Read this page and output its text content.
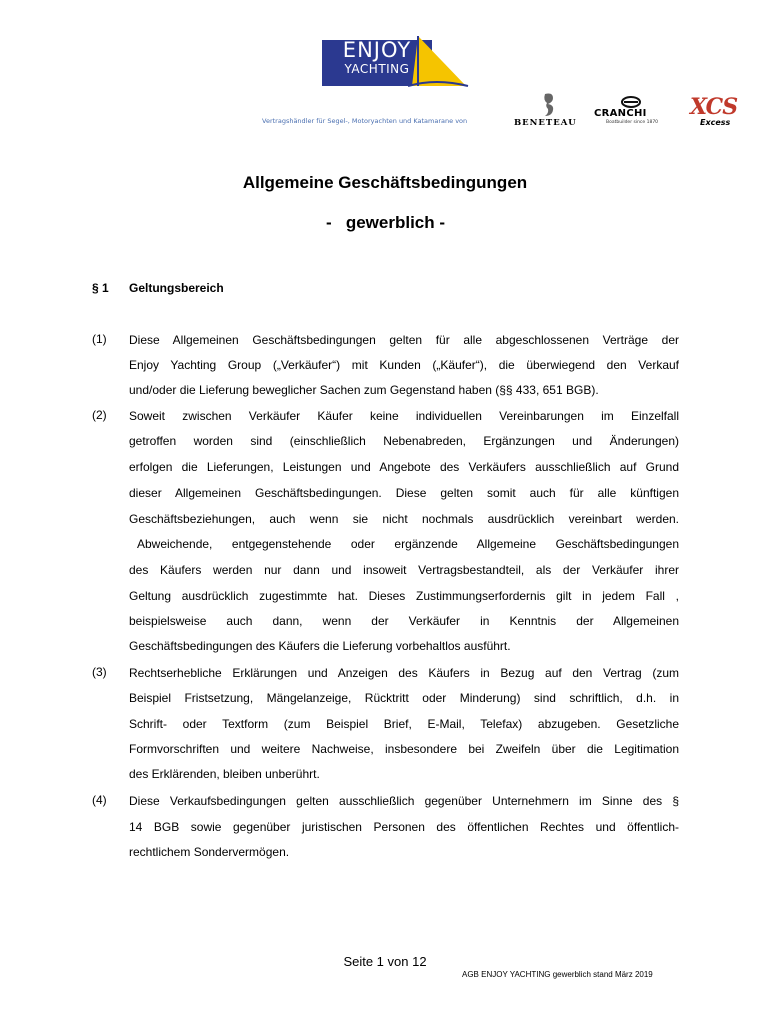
ENJOY
YACHTING
Vertragshändler für Segel-, Motoryachten und Katamarane von	BENETEAU
CRANCHI
Boatbuilder since 1870
XCS
Excess
Allgemeine Geschäftsbedingungen
-   gewerblich -
§ 1 Geltungsbereich
(1) Diese Allgemeinen Geschäftsbedingungen gelten für alle abgeschlossenen Verträge der
Enjoy Yachting Group („Verkäufer“) mit Kunden („Käufer“), die überwiegend den Verkauf
und/oder die Lieferung beweglicher Sachen zum Gegenstand haben (§§ 433, 651 BGB).
(2) Soweit zwischen Verkäufer Käufer keine individuellen Vereinbarungen im Einzelfall
getroffen worden sind (einschließlich Nebenabreden, Ergänzungen und Änderungen)
erfolgen die Lieferungen, Leistungen und Angebote des Verkäufers ausschließlich auf Grund
dieser Allgemeinen Geschäftsbedingungen. Diese gelten somit auch für alle künftigen
Geschäftsbeziehungen, auch wenn sie nicht nochmals ausdrücklich vereinbart werden.
Abweichende, entgegenstehende oder ergänzende Allgemeine Geschäftsbedingungen
des Käufers werden nur dann und insoweit Vertragsbestandteil, als der Verkäufer ihrer
Geltung ausdrücklich zugestimmte hat. Dieses Zustimmungserfordernis gilt in jedem Fall ,
beispielsweise auch dann, wenn der Verkäufer in Kenntnis der Allgemeinen
Geschäftsbedingungen des Käufers die Lieferung vorbehaltlos ausführt.
(3) Rechtserhebliche Erklärungen und Anzeigen des Käufers in Bezug auf den Vertrag (zum
Beispiel Fristsetzung, Mängelanzeige, Rücktritt oder Minderung) sind schriftlich, d.h. in
Schrift- oder Textform (zum Beispiel Brief, E-Mail, Telefax) abzugeben. Gesetzliche
Formvorschriften und weitere Nachweise, insbesondere bei Zweifeln über die Legitimation
des Erklärenden, bleiben unberührt.
(4) Diese Verkaufsbedingungen gelten ausschließlich gegenüber Unternehmern im Sinne des §
14 BGB sowie gegenüber juristischen Personen des öffentlichen Rechtes und öffentlich-
rechtlichem Sondervermögen.
Seite 1 von 12
AGB ENJOY YACHTING gewerblich stand März 2019
